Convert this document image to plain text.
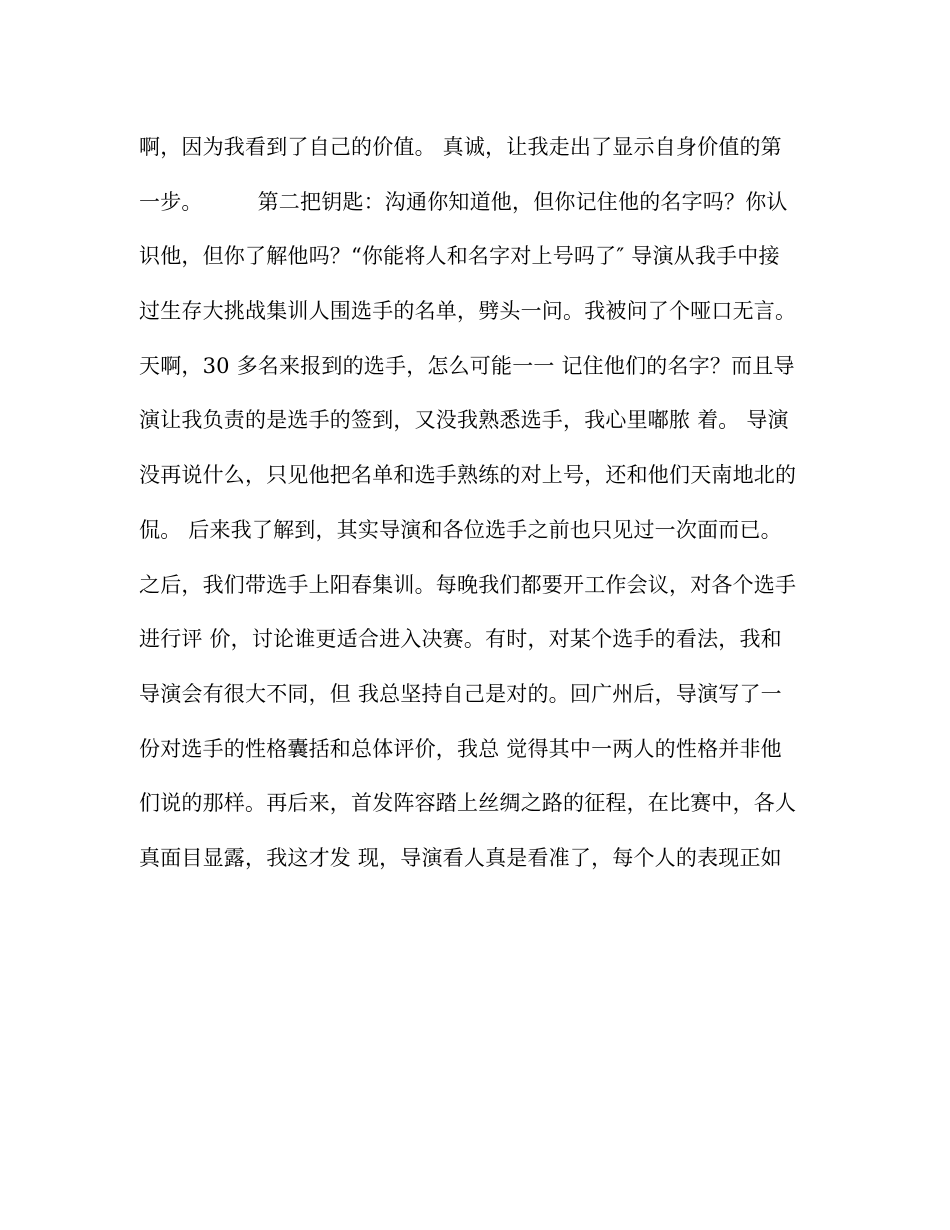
啊，因为我看到了自己的价值。 真诚，让我走出了显示自身价值的第
一步。        第二把钥匙：沟通你知道他，但你记住他的名字吗？你认
识他，但你了解他吗？“你能将人和名字对上号吗了″ 导演从我手中接
过生存大挑战集训人围选手的名单，劈头一问。我被问了个哑口无言。
天啊，30 多名来报到的选手，怎么可能一一 记住他们的名字？而且导
演让我负责的是选手的签到，又没我熟悉选手，我心里嘟脓 着。 导演
没再说什么，只见他把名单和选手熟练的对上号，还和他们天南地北的
侃。 后来我了解到，其实导演和各位选手之前也只见过一次面而已。
之后，我们带选手上阳春集训。每晚我们都要开工作会议，对各个选手
进行评 价，讨论谁更适合进入决赛。有时，对某个选手的看法，我和
导演会有很大不同，但 我总坚持自己是对的。回广州后，导演写了一
份对选手的性格囊括和总体评价，我总 觉得其中一两人的性格并非他
们说的那样。再后来，首发阵容踏上丝绸之路的征程，在比赛中，各人
真面目显露，我这才发 现，导演看人真是看准了，每个人的表现正如
